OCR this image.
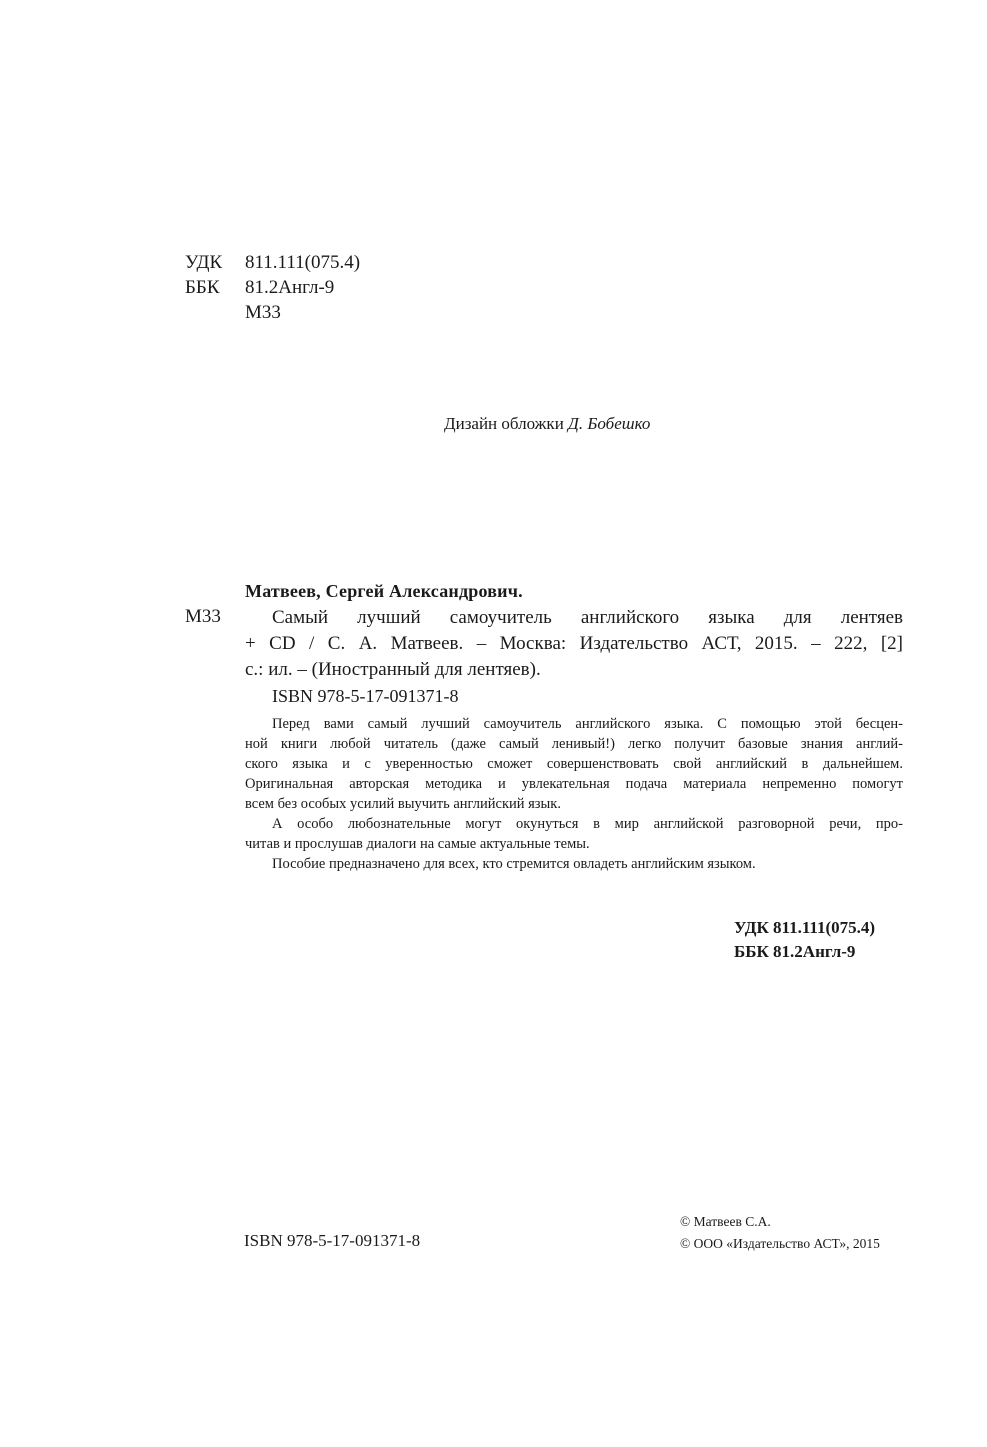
УДК 811.111(075.4)
ББК 81.2Англ-9
М33
Дизайн обложки Д. Бобешко
Матвеев, Сергей Александрович.
М33	Самый лучший самоучитель английского языка для лентяев
+ CD / С. А. Матвеев. – Москва: Издательство АСТ, 2015. – 222, [2]
с.: ил. – (Иностранный для лентяев).
ISBN 978-5-17-091371-8
Перед вами самый лучший самоучитель английского языка. С помощью этой бесцен-
ной книги любой читатель (даже самый ленивый!) легко получит базовые знания англий-
ского языка и с уверенностью сможет совершенствовать свой английский в дальнейшем.
Оригинальная авторская методика и увлекательная подача материала непременно помогут
всем без особых усилий выучить английский язык.
А особо любознательные могут окунуться в мир английской разговорной речи, про-
читав и прослушав диалоги на самые актуальные темы.
Пособие предназначено для всех, кто стремится овладеть английским языком.
УДК 811.111(075.4)
ББК 81.2Англ-9
ISBN 978-5-17-091371-8
© Матвеев С.А.
© ООО «Издательство АСТ», 2015
